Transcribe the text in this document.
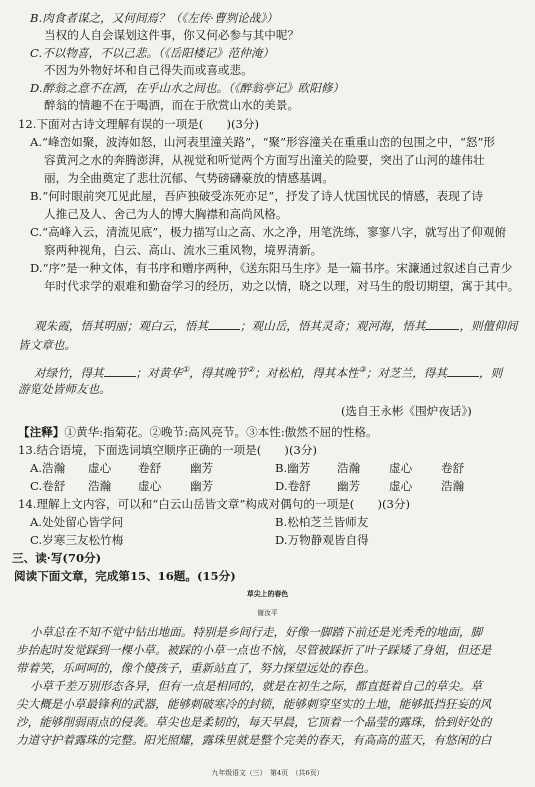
B.肉食者谋之，又何间焉？（《左传·曹刿论战》）
当权的人自会谋划这件事，你又何必参与其中呢？
C.不以物喜，不以己悲。（《岳阳楼记》范仲淹）
不因为外物好坏和自己得失而或喜或悲。
D.醉翁之意不在酒，在乎山水之间也。（《醉翁亭记》欧阳修）
醉翁的情趣不在于喝酒，而在于欣赏山水的美景。
12.下面对古诗文理解有误的一项是(　　)(3分)
A.“峰峦如聚，波涛如怒，山河表里潼关路”，“聚”形容潼关在重重山峦的包围之中，“怒”形
容黄河之水的奔腾澎湃，从视觉和听觉两个方面写出潼关的险要，突出了山河的雄伟壮
丽，为全曲奠定了悲壮沉郁、气势磅礴豪放的情感基调。
B.“何时眼前突兀见此屋，吾庐独破受冻死亦足”，抒发了诗人忧国忧民的情感，表现了诗
人推己及人、舍己为人的博大胸襟和高尚风格。
C.“高峰入云，清流见底”，极力描写山之高、水之净，用笔洗练，寥寥八字，就写出了仰观俯
察两种视角，白云、高山、流水三重风物，境界清新。
D.“序”是一种文体，有书序和赠序两种，《送东阳马生序》是一篇书序。宋濂通过叙述自己青少
年时代求学的艰难和勤奋学习的经历，劝之以情，晓之以理，对马生的殷切期望，寓于其中。
观朱霞，悟其明丽；观白云，悟其	；观山岳，悟其灵奇；观河海，悟其	，则儃仰间
皆文章也。
对绿竹，得其	；对黄华①，得其晚节②；对松柏，得其本性③；对芝兰，得其	，则
游览处皆师友也。
(选自王永彬《围炉夜话》)
【注释】①黄华:指菊花。②晚节:高风亮节。③本性:傲然不屈的性格。
13.结合语境，下面选词填空顺序正确的一项是(　　)(3分)
A.浩瀚 虚心 卷舒 幽芳	B.幽芳 浩瀚 虚心 卷舒
C.卷舒 浩瀚 虚心 幽芳	D.卷舒 幽芳 虚心 浩瀚
14.理解上文内容，可以和“白云山岳皆文章”构成对偶句的一项是(　　)(3分)
A.处处留心皆学问	B.松柏芝兰皆师友
C.岁寒三友松竹梅	D.万物静观皆自得
三、读·写(70分)
阅读下面文章，完成第15、16题。(15分)
草尖上的春色
谢汝平
小草总在不知不觉中钻出地面。特别是乡间行走，好像一脚踏下前还是光秃秃的地面，脚
步抬起时发觉踩到一棵小草。被踩的小草一点也不恼，尽管被踩折了叶子踩矮了身姐，但还是
带着笑，乐呵呵的，像个傻孩子，重新站直了，努力探望远处的春色。
小草千差万别形态各异，但有一点是相同的，就是在初生之际，都直挺着自己的草尖。草
尖大概是小草最锋利的武器，能够刺破寒冷的封锁，能够刺穿坚实的土地，能够抵挡狂妄的风
沙，能够削弱雨点的侵袭。草尖也是柔韧的，每天早晨，它顶着一个晶莹的露珠，恰到好处的
力道守护着露珠的完整。阳光照耀，露珠里就是整个完美的春天，有高高的蓝天，有悠闲的白
九年级语文（三）　第4页　（共6页）
